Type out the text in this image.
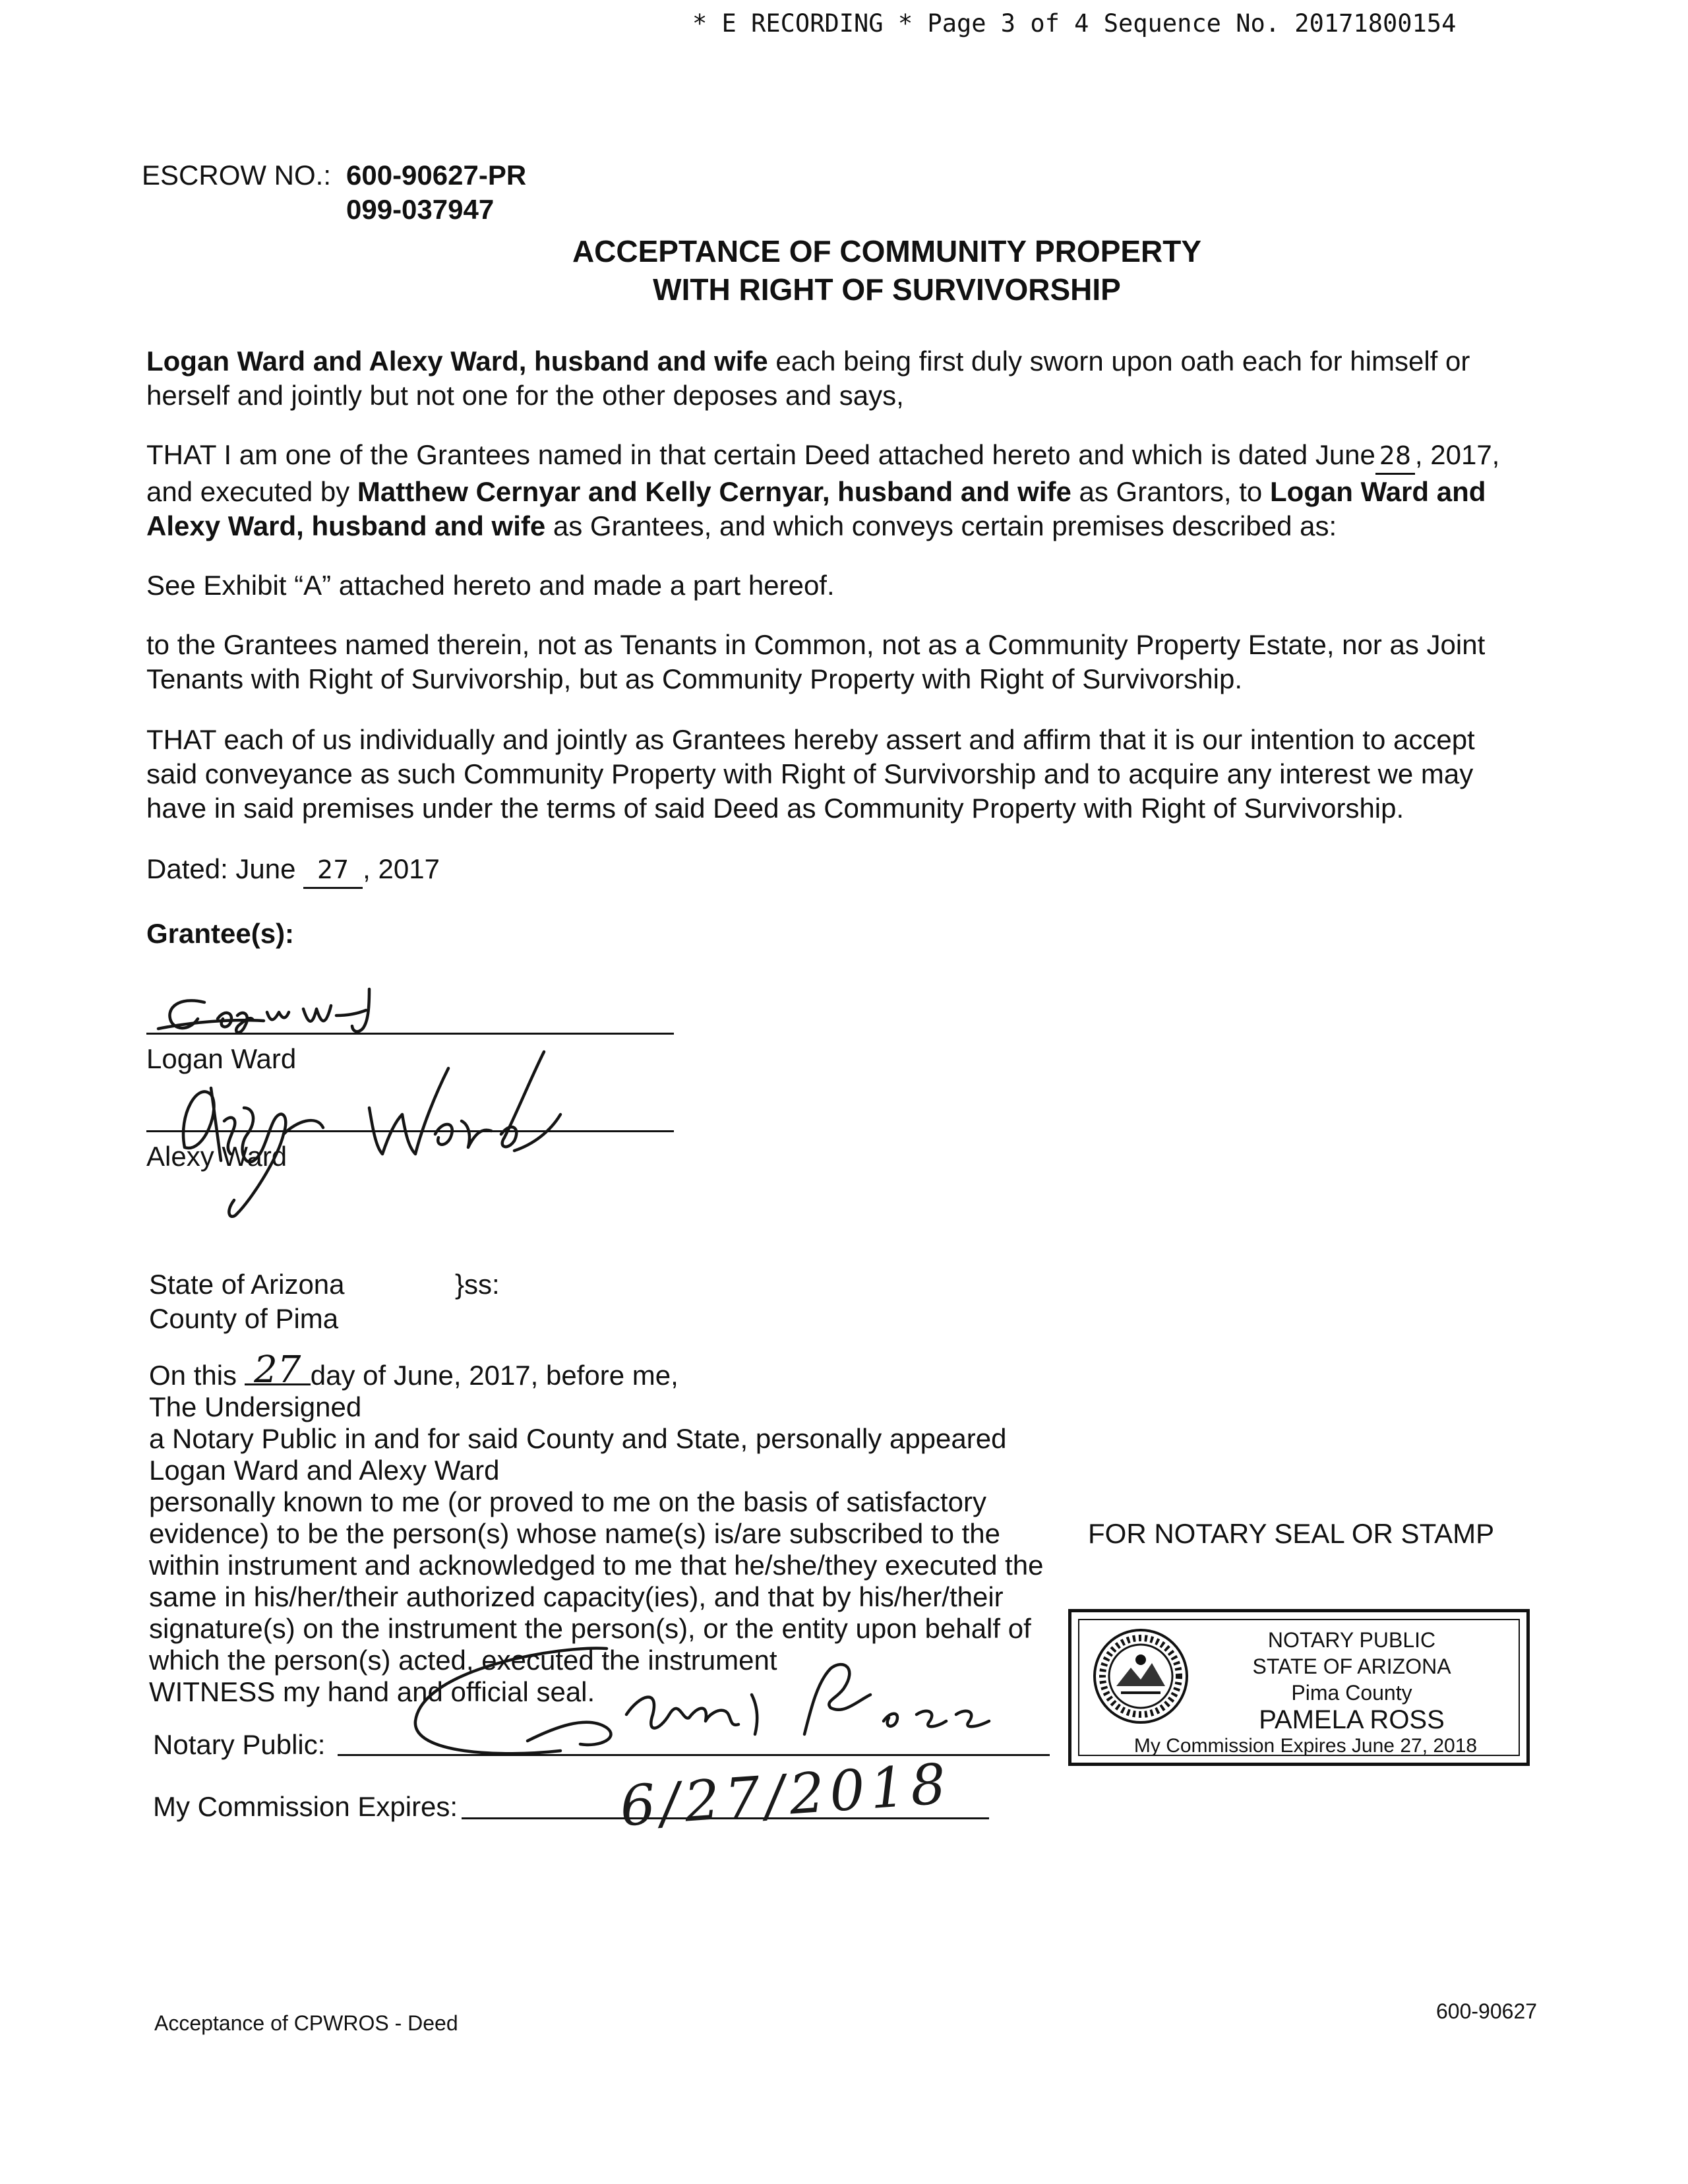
* E RECORDING * Page 3 of 4 Sequence No. 20171800154
ESCROW NO.: 600-90627-PR
099-037947
ACCEPTANCE OF COMMUNITY PROPERTY
WITH RIGHT OF SURVIVORSHIP
Logan Ward and Alexy Ward, husband and wife each being first duly sworn upon oath each for himself or herself and jointly but not one for the other deposes and says,
THAT I am one of the Grantees named in that certain Deed attached hereto and which is dated June 28 , 2017, and executed by Matthew Cernyar and Kelly Cernyar, husband and wife as Grantors, to Logan Ward and Alexy Ward, husband and wife as Grantees, and which conveys certain premises described as:
See Exhibit “A” attached hereto and made a part hereof.
to the Grantees named therein, not as Tenants in Common, not as a Community Property Estate, nor as Joint Tenants with Right of Survivorship, but as Community Property with Right of Survivorship.
THAT each of us individually and jointly as Grantees hereby assert and affirm that it is our intention to accept said conveyance as such Community Property with Right of Survivorship and to acquire any interest we may have in said premises under the terms of said Deed as Community Property with Right of Survivorship.
Dated: June 27 , 2017
Grantee(s):
Logan Ward
Alexy Ward
State of Arizona	}ss:
County of Pima
On this 27 day of June, 2017, before me,
The Undersigned
a Notary Public in and for said County and State, personally appeared
Logan Ward and Alexy Ward
personally known to me (or proved to me on the basis of satisfactory
evidence) to be the person(s) whose name(s) is/are subscribed to the
within instrument and acknowledged to me that he/she/they executed the
same in his/her/their authorized capacity(ies), and that by his/her/their
signature(s) on the instrument the person(s), or the entity upon behalf of
which the person(s) acted, executed the instrument
WITNESS my hand and official seal.
Notary Public:
My Commission Expires:	6/27/2018
FOR NOTARY SEAL OR STAMP
NOTARY PUBLIC
STATE OF ARIZONA
Pima County
PAMELA ROSS
My Commission Expires June 27, 2018
Acceptance of CPWROS - Deed	600-90627
